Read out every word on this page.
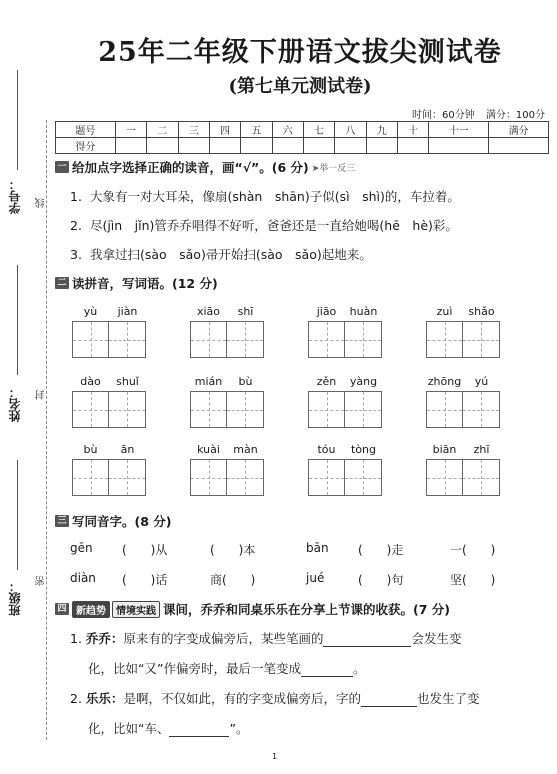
学号：
姓名：
班级：
线
封
密
25年二年级下册语文拔尖测试卷
(第七单元测试卷)
时间：60分钟 满分：100分
题号	一	二	三	四	五	六	七	八	九	十	十一	满分
得分												
一 给加点字选择正确的读音，画“√”。(6 分) ➤举一反三
1. 大象有一对大耳朵，像扇(shàn　shān)子似(sì　shì)的，车拉着。
2. 尽(jìn　jǐn)管乔乔唱得不好听，爸爸还是一直给她喝(hē　hè)彩。
3. 我拿过扫(sào　sǎo)帚开始扫(sào　sǎo)起地来。
二 读拼音，写词语。(12 分)
yù	jiàn	xiāo	shī	jiāo	huàn	zuì	shǎo
dào	shuǐ	mián	bù	zěn	yàng	zhōng	yú
bù	ān	kuài	màn	tóu	tòng	biān	zhī
三 写同音字。(8 分)
gēn (　　)从	(　　)本	bān (　　)走	一(　　)
diàn (　　)话	商(　　)	jué	(　　)句	坚(　　)
四 新趋势	情境实践 课间，乔乔和同桌乐乐在分享上节课的收获。(7 分)
1. 乔乔：原来有的字变成偏旁后，某些笔画的	会发生变
化，比如“又”作偏旁时，最后一笔变成	。
2. 乐乐：是啊，不仅如此，有的字变成偏旁后，字的	也发生了变
化，比如“车、	”。
1
